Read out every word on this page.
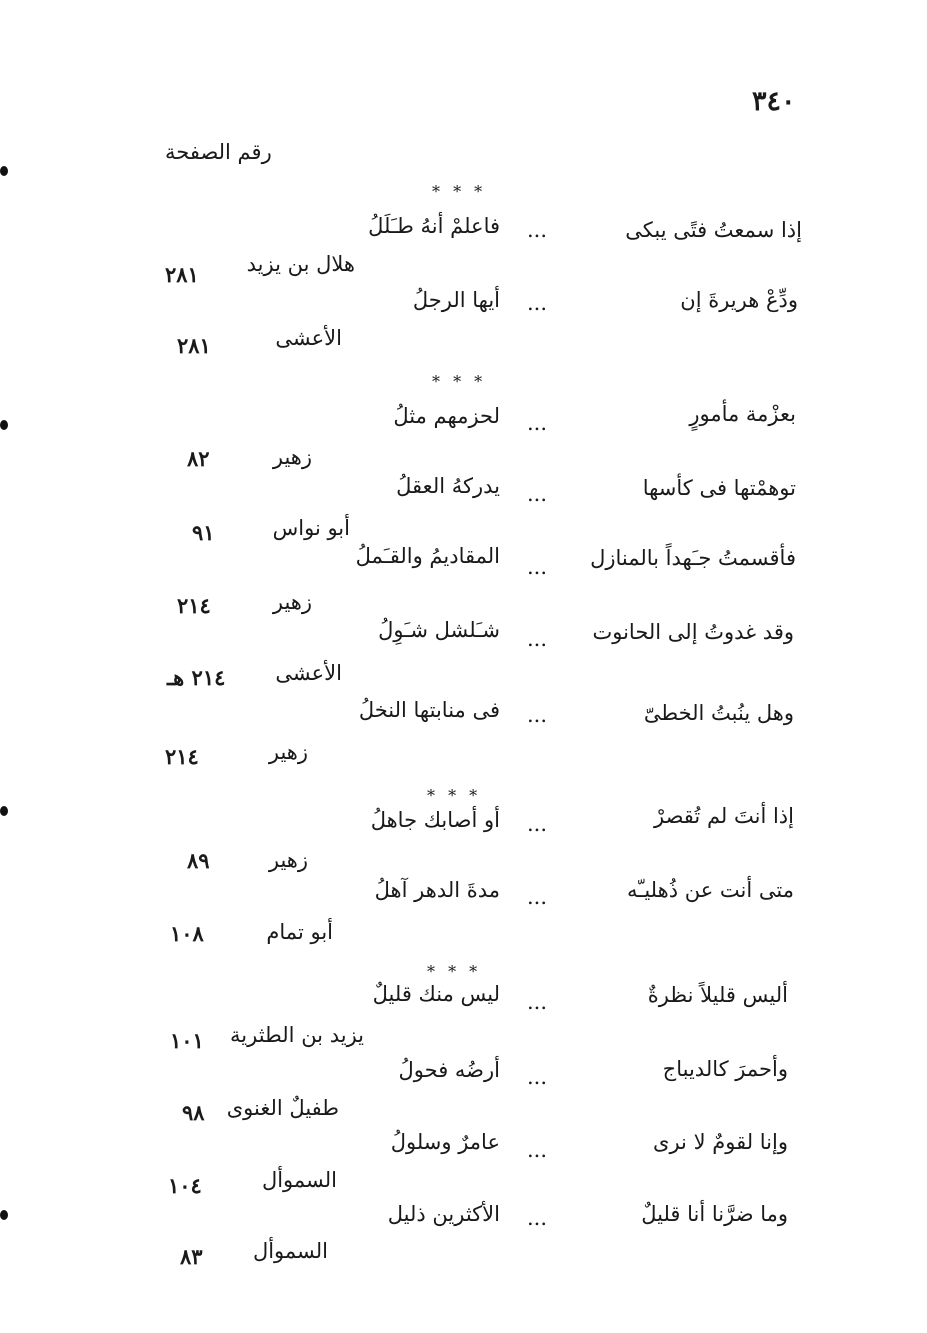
٣٤٠
رقم الصفحة
* * *
* * *
* * *
* * *
إذا سمعتُ فتًى يبكى
...
فاعلمْ أنهُ طـَلَلُ
هلال بن يزيد
٢٨١
ودِّعْ هريرةَ إن
...
أيها الرجلُ
الأعشى
٢٨١
بعزْمة مأمورٍ
...
لحزمهم مثلُ
زهير
٨٢
توهمْتها فى كأسها
...
يدركهُ العقلُ
أبو نواس
٩١
فأقسمتُ جـَهداً بالمنازل
...
المقاديمُ والقـَملُ
زهير
٢١٤
وقد غدوتُ إلى الحانوت
...
شـَلشل شـَوِلُ
الأعشى
٢١٤ هـ
وهل ينُبتُ الخطىّ
...
فى منابتها النخلُ
زهير
٢١٤
إذا أنتَ لم تُقصرْ
...
أو أصابك جاهلُ
زهير
٨٩
متى أنت عن ذُهليـّه
...
مدةَ الدهر آهلُ
أبو تمام
١٠٨
أليس قليلاً نظرةٌ
...
ليس منك قليلٌ
يزيد بن الطثرية
١٠١
وأحمرَ كالديباج
...
أرضُه فحولُ
طفيلٌ الغنوى
٩٨
وإنا لقومٌ لا نرى
...
عامرٌ وسلولُ
السموأل
١٠٤
وما ضرَّنا أنا قليلٌ
...
الأكثرين ذليل
السموأل
٨٣
